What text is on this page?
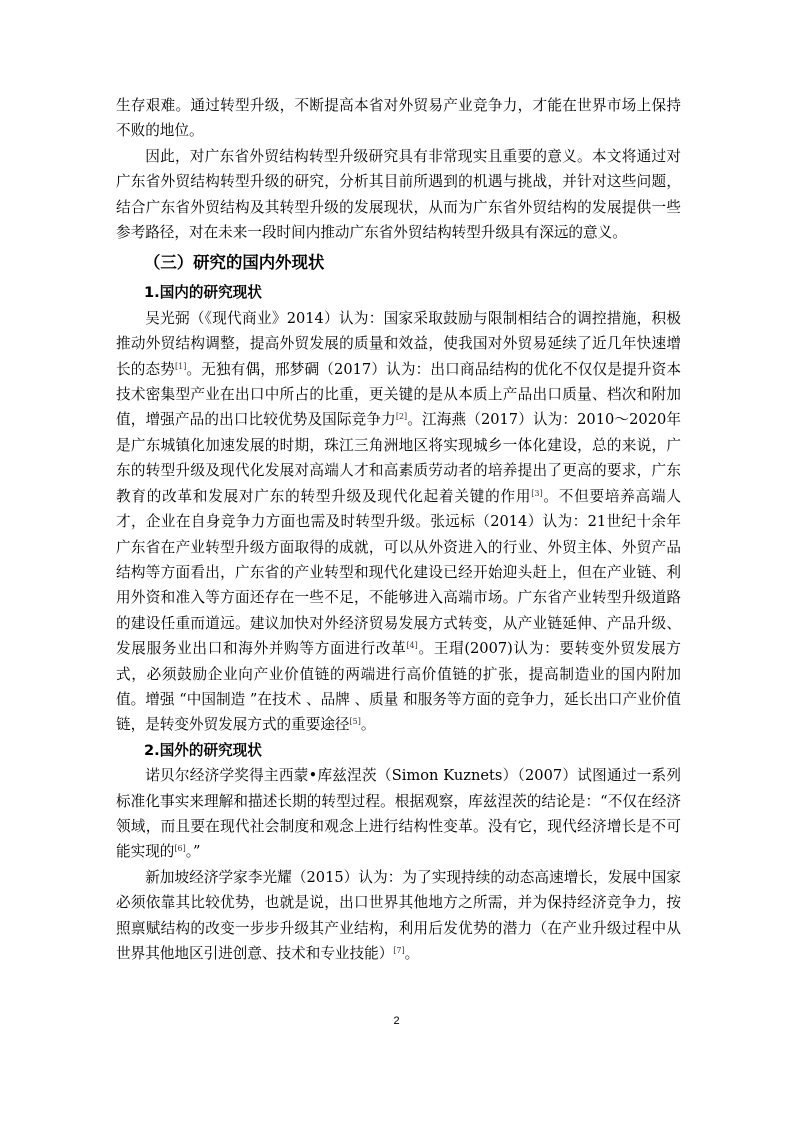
生存艰难。通过转型升级，不断提高本省对外贸易产业竞争力，才能在世界市场上保持不败的地位。

因此，对广东省外贸结构转型升级研究具有非常现实且重要的意义。本文将通过对广东省外贸结构转型升级的研究，分析其目前所遇到的机遇与挑战，并针对这些问题，结合广东省外贸结构及其转型升级的发展现状，从而为广东省外贸结构的发展提供一些参考路径，对在未来一段时间内推动广东省外贸结构转型升级具有深远的意义。

（三）研究的国内外现状
1.国内的研究现状

吴光弼（《现代商业》2014）认为：国家采取鼓励与限制相结合的调控措施，积极推动外贸结构调整，提高外贸发展的质量和效益，使我国对外贸易延续了近几年快速增长的态势[1]。无独有偶，邢梦碉（2017）认为：出口商品结构的优化不仅仅是提升资本 技术密集型产业在出口中所占的比重，更关键的是从本质上产品出口质量、档次和附加值，增强产品的出口比较优势及国际竞争力[2]。江海燕（2017）认为：2010～2020年是广东城镇化加速发展的时期，珠江三角洲地区将实现城乡一体化建设，总的来说，广东的转型升级及现代化发展对高端人才和高素质劳动者的培养提出了更高的要求，广东教育的改革和发展对广东的转型升级及现代化起着关键的作用[3]。不但要培养高端人才，企业在自身竞争力方面也需及时转型升级。张远标（2014）认为：21世纪十余年广东省在产业转型升级方面取得的成就，可以从外资进入的行业、外贸主体、外贸产品结构等方面看出，广东省的产业转型和现代化建设已经开始迎头赶上，但在产业链、利用外资和准入等方面还存在一些不足，不能够进入高端市场。广东省产业转型升级道路的建设任重而道远。建议加快对外经济贸易发展方式转变，从产业链延伸、产品升级、发展服务业出口和海外并购等方面进行改革[4]。王瑁(2007)认为：要转变外贸发展方式，必须鼓励企业向产业价值链的两端进行高价值链的扩张，提高制造业的国内附加值。增强 “中国制造 ”在技术 、品牌 、质量 和服务等方面的竞争力，延长出口产业价值链，是转变外贸发展方式的重要途径[5]。

2.国外的研究现状

诺贝尔经济学奖得主西蒙•库兹涅茨（Simon Kuznets）（2007）试图通过一系列标准化事实来理解和描述长期的转型过程。根据观察，库兹涅茨的结论是：“不仅在经济领域，而且要在现代社会制度和观念上进行结构性变革。没有它，现代经济增长是不可能实现的[6]。”

新加坡经济学家李光耀（2015）认为：为了实现持续的动态高速增长，发展中国家必须依靠其比较优势，也就是说，出口世界其他地方之所需，并为保持经济竞争力，按照禀赋结构的改变一步步升级其产业结构，利用后发优势的潜力（在产业升级过程中从世界其他地区引进创意、技术和专业技能）[7]。

2
